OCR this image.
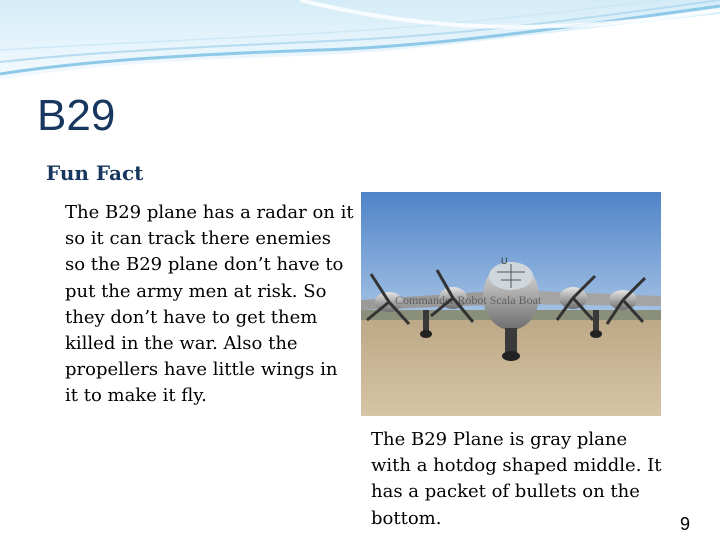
B29
Fun Fact

The B29 plane has a radar on it so it can track there enemies so the B29 plane don’t have to put the army men at risk. So they don’t have to get them killed in the war. Also the propellers have little wings in it to make it fly.

U
Commander Robot Scala Boat

The B29 Plane is gray plane with a hotdog shaped middle. It has a packet of bullets on the bottom.	9
